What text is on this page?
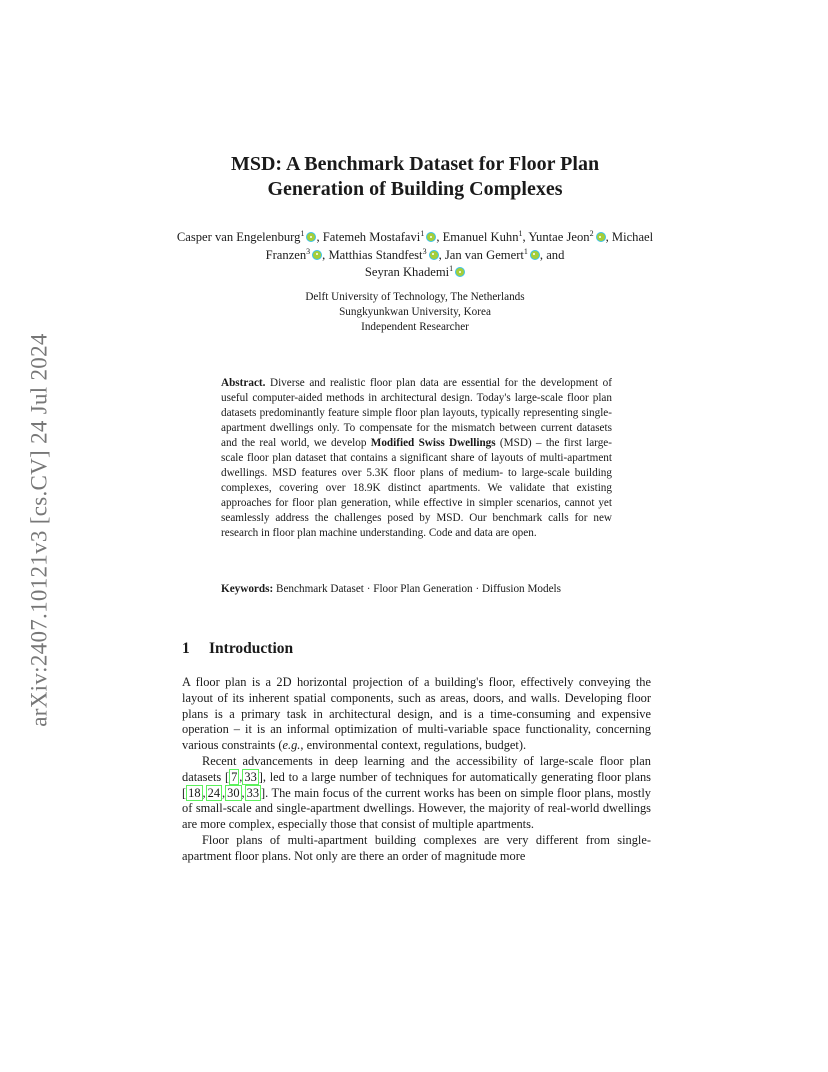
arXiv:2407.10121v3 [cs.CV] 24 Jul 2024
MSD: A Benchmark Dataset for Floor Plan
Generation of Building Complexes
Casper van Engelenburg$^1$ , Fatemeh Mostafavi$^1$ , Emanuel Kuhn$^1$, Yuntae Jeon$^2$ , Michael Franzen$^3$ , Matthias Standfest$^3$ , Jan van Gemert$^1$ , and
Seyran Khademi$^1$
Delft University of Technology, The Netherlands
Sungkyunkwan University, Korea
Independent Researcher
Abstract. Diverse and realistic floor plan data are essential for the development of useful computer-aided methods in architectural design. Today's large-scale floor plan datasets predominantly feature simple floor plan layouts, typically representing single-apartment dwellings only. To compensate for the mismatch between current datasets and the real world, we develop Modified Swiss Dwellings (MSD) – the first large-scale floor plan dataset that contains a significant share of layouts of multi-apartment dwellings. MSD features over 5.3K floor plans of medium- to large-scale building complexes, covering over 18.9K distinct apartments. We validate that existing approaches for floor plan generation, while effective in simpler scenarios, cannot yet seamlessly address the challenges posed by MSD. Our benchmark calls for new research in floor plan machine understanding. Code and data are open.
Keywords: Benchmark Dataset · Floor Plan Generation · Diffusion Models
1 Introduction

A floor plan is a 2D horizontal projection of a building's floor, effectively conveying the layout of its inherent spatial components, such as areas, doors, and walls. Developing floor plans is a primary task in architectural design, and is a time-consuming and expensive operation – it is an informal optimization of multi-variable space functionality, concerning various constraints (e.g., environmental context, regulations, budget).

Recent advancements in deep learning and the accessibility of large-scale floor plan datasets [ 7 , 33 ], led to a large number of techniques for automatically generating floor plans [ 18 , 24 , 30 , 33 ]. The main focus of the current works has been on simple floor plans, mostly of small-scale and single-apartment dwellings. However, the majority of real-world dwellings are more complex, especially those that consist of multiple apartments.

Floor plans of multi-apartment building complexes are very different from single-apartment floor plans. Not only are there an order of magnitude more
